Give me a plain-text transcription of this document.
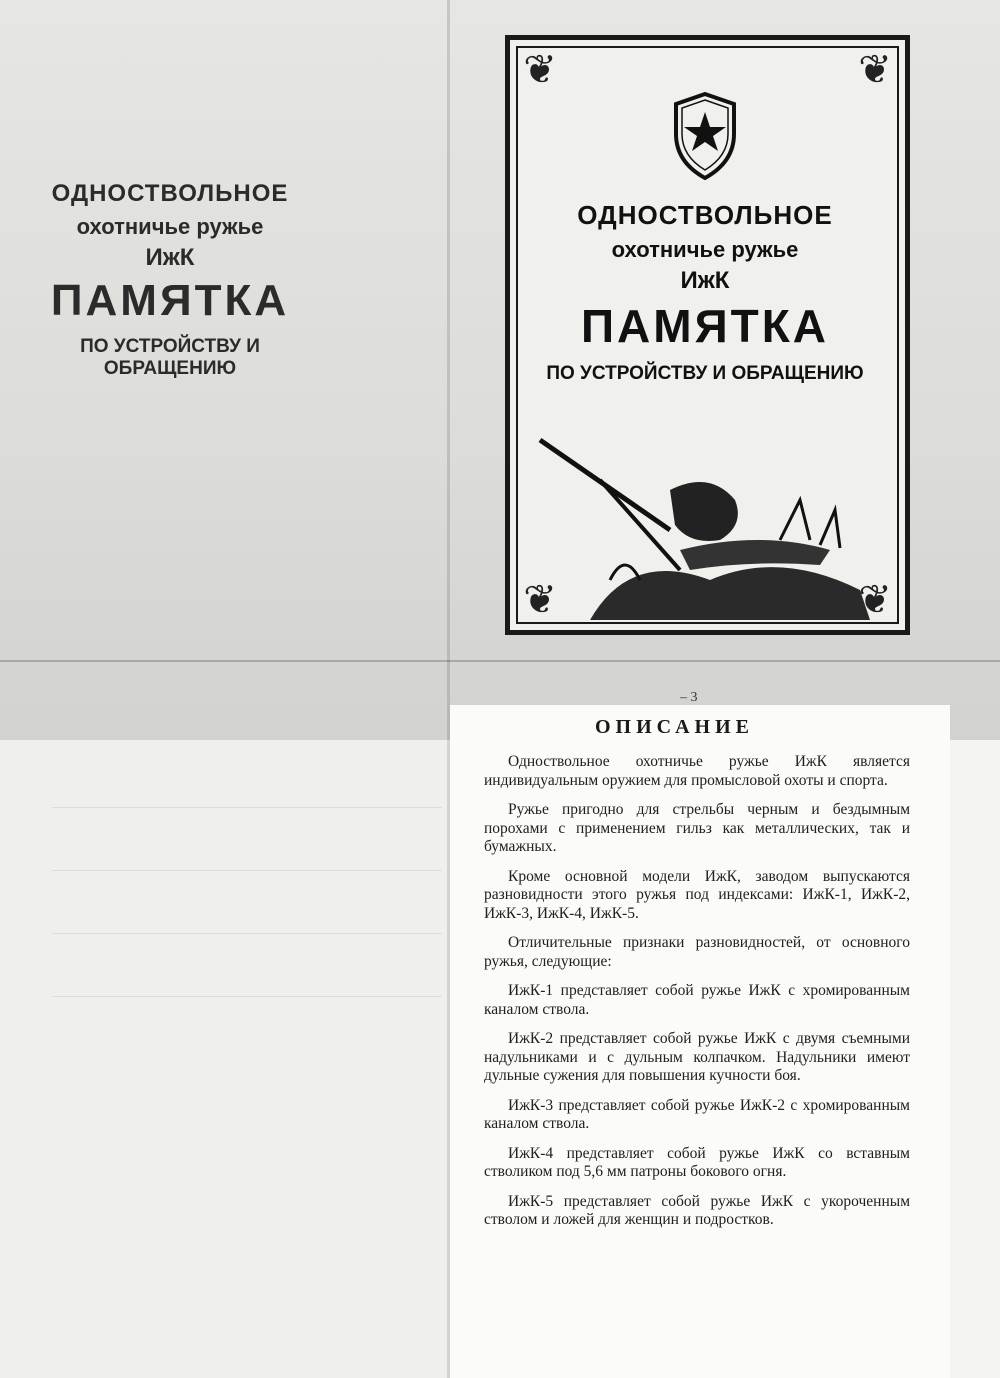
ОДНОСТВОЛЬНОЕ
охотничье ружье
ИжК
ПАМЯТКА
ПО УСТРОЙСТВУ И ОБРАЩЕНИЮ
❦	❦
❦	❦
ОДНОСТВОЛЬНОЕ
охотничье ружье
ИжК
ПАМЯТКА
ПО УСТРОЙСТВУ И ОБРАЩЕНИЮ
– 3
ОПИСАНИЕ

Одноствольное охотничье ружье ИжК является индивидуальным оружием для промысловой охоты и спорта.

Ружье пригодно для стрельбы черным и бездымным порохами с применением гильз как металлических, так и бумажных.

Кроме основной модели ИжК, заводом выпускаются разновидности этого ружья под индексами: ИжК-1, ИжК-2, ИжК-3, ИжК-4, ИжК-5.

Отличительные признаки разновидностей, от основного ружья, следующие:

ИжК-1 представляет собой ружье ИжК с хромированным каналом ствола.

ИжК-2 представляет собой ружье ИжК с двумя съемными надульниками и с дульным колпачком. Надульники имеют дульные сужения для повышения кучности боя.

ИжК-3 представляет собой ружье ИжК-2 с хромированным каналом ствола.

ИжК-4 представляет собой ружье ИжК со вставным стволиком под 5,6 мм патроны бокового огня.

ИжК-5 представляет собой ружье ИжК с укороченным стволом и ложей для женщин и подростков.
